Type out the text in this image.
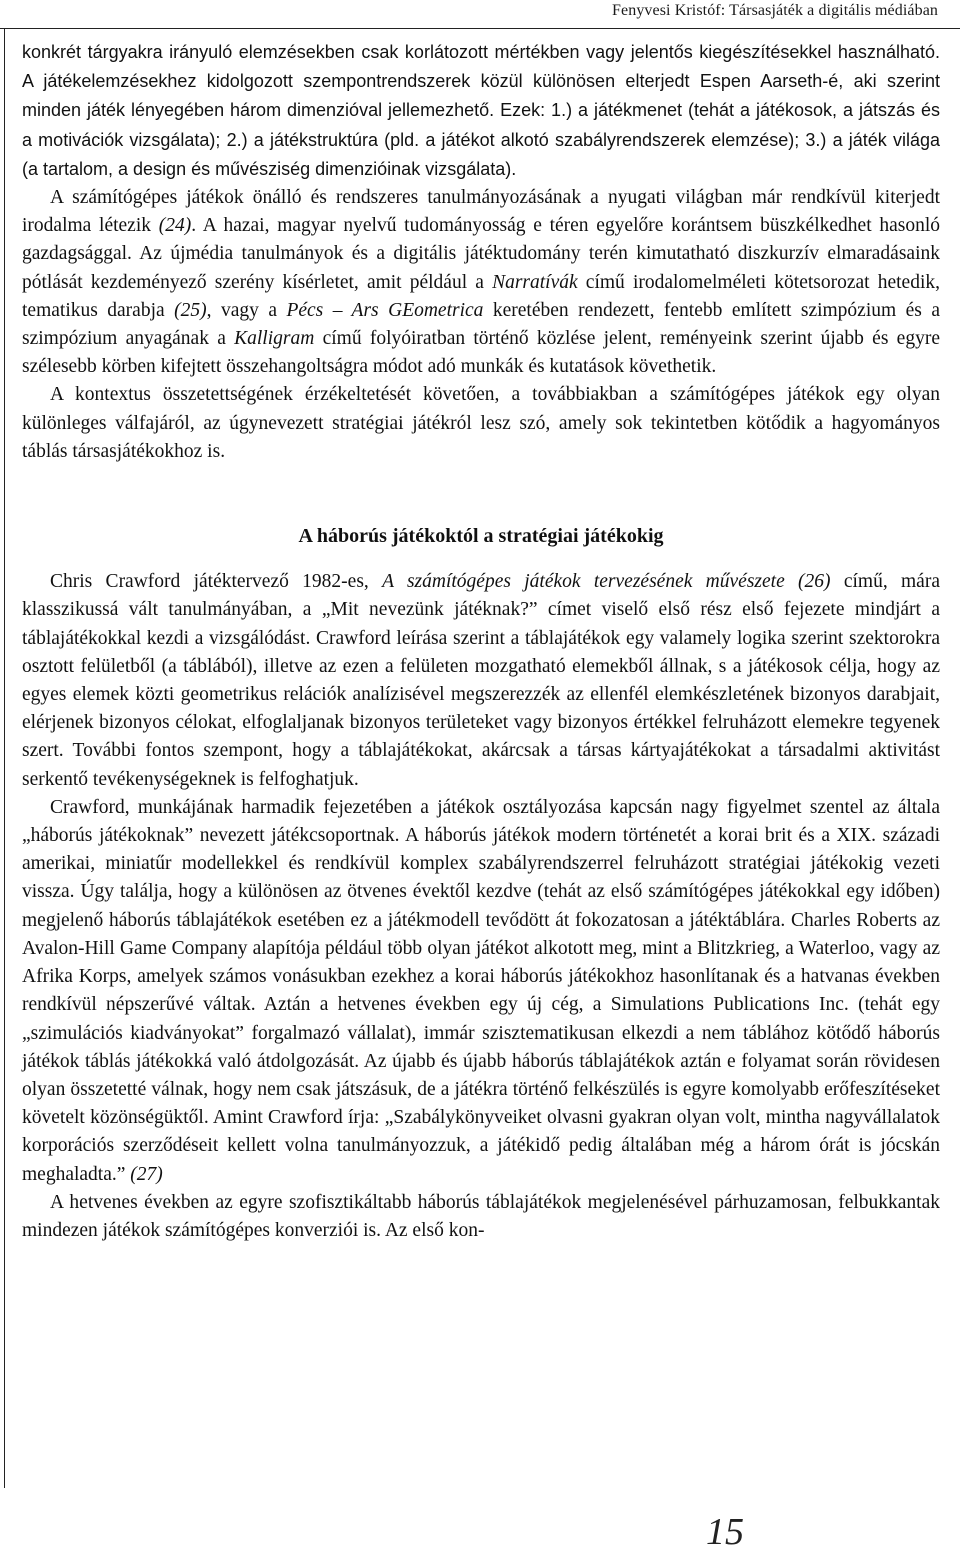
Fenyvesi Kristóf: Társasjáték a digitális médiában

konkrét tárgyakra irányuló elemzésekben csak korlátozott mértékben vagy jelentős kiegészítésekkel használható. A játékelemzésekhez kidolgozott szempontrendszerek közül különösen elterjedt Espen Aarseth-é, aki szerint minden játék lényegében három dimenzióval jellemezhető. Ezek: 1.) a játékmenet (tehát a játékosok, a játszás és a motivációk vizsgálata); 2.) a játékstruktúra (pld. a játékot alkotó szabályrendszerek elemzése); 3.) a játék világa (a tartalom, a design és művésziség dimenzióinak vizsgálata).

A számítógépes játékok önálló és rendszeres tanulmányozásának a nyugati világban már rendkívül kiterjedt irodalma létezik (24). A hazai, magyar nyelvű tudományosság e téren egyelőre korántsem büszkélkedhet hasonló gazdagsággal. Az újmédia tanulmányok és a digitális játéktudomány terén kimutatható diszkurzív elmaradásaink pótlását kezdeményező szerény kísérletet, amit például a Narratívák című irodalomelméleti kötetsorozat hetedik, tematikus darabja (25), vagy a Pécs – Ars GEometrica keretében rendezett, fentebb említett szimpózium és a szimpózium anyagának a Kalligram című folyóiratban történő közlése jelent, reményeink szerint újabb és egyre szélesebb körben kifejtett összehangoltságra módot adó munkák és kutatások követhetik.

A kontextus összetettségének érzékeltetését követően, a továbbiakban a számítógépes játékok egy olyan különleges válfajáról, az úgynevezett stratégiai játékról lesz szó, amely sok tekintetben kötődik a hagyományos táblás társasjátékokhoz is.

A háborús játékoktól a stratégiai játékokig

Chris Crawford játéktervező 1982-es, A számítógépes játékok tervezésének művészete (26) című, mára klasszikussá vált tanulmányában, a „Mit nevezünk játéknak?” címet viselő első rész első fejezete mindjárt a táblajátékokkal kezdi a vizsgálódást. Crawford leírása szerint a táblajátékok egy valamely logika szerint szektorokra osztott felületből (a táblából), illetve az ezen a felületen mozgatható elemekből állnak, s a játékosok célja, hogy az egyes elemek közti geometrikus relációk analízisével megszerezzék az ellenfél elemkészletének bizonyos darabjait, elérjenek bizonyos célokat, elfoglaljanak bizonyos területeket vagy bizonyos értékkel felruházott elemekre tegyenek szert. További fontos szempont, hogy a táblajátékokat, akárcsak a társas kártyajátékokat a társadalmi aktivitást serkentő tevékenységeknek is felfoghatjuk.

Crawford, munkájának harmadik fejezetében a játékok osztályozása kapcsán nagy figyelmet szentel az általa „háborús játékoknak” nevezett játékcsoportnak. A háborús játékok modern történetét a korai brit és a XIX. századi amerikai, miniatűr modellekkel és rendkívül komplex szabályrendszerrel felruházott stratégiai játékokig vezeti vissza. Úgy találja, hogy a különösen az ötvenes évektől kezdve (tehát az első számítógépes játékokkal egy időben) megjelenő háborús táblajátékok esetében ez a játékmodell tevődött át fokozatosan a játéktáblára. Charles Roberts az Avalon-Hill Game Company alapítója például több olyan játékot alkotott meg, mint a Blitzkrieg, a Waterloo, vagy az Afrika Korps, amelyek számos vonásukban ezekhez a korai háborús játékokhoz hasonlítanak és a hatvanas években rendkívül népszerűvé váltak. Aztán a hetvenes években egy új cég, a Simulations Publications Inc. (tehát egy „szimulációs kiadványokat” forgalmazó vállalat), immár szisztematikusan elkezdi a nem táblához kötődő háborús játékok táblás játékokká való átdolgozását. Az újabb és újabb háborús táblajátékok aztán e folyamat során rövidesen olyan összetetté válnak, hogy nem csak játszásuk, de a játékra történő felkészülés is egyre komolyabb erőfeszítéseket követelt közönségüktől. Amint Crawford írja: „Szabálykönyveiket olvasni gyakran olyan volt, mintha nagyvállalatok korporációs szerződéseit kellett volna tanulmányozzuk, a játékidő pedig általában még a három órát is jócskán meghaladta.” (27)

A hetvenes években az egyre szofisztikáltabb háborús táblajátékok megjelenésével párhuzamosan, felbukkantak mindezen játékok számítógépes konverziói is. Az első kon-

15
